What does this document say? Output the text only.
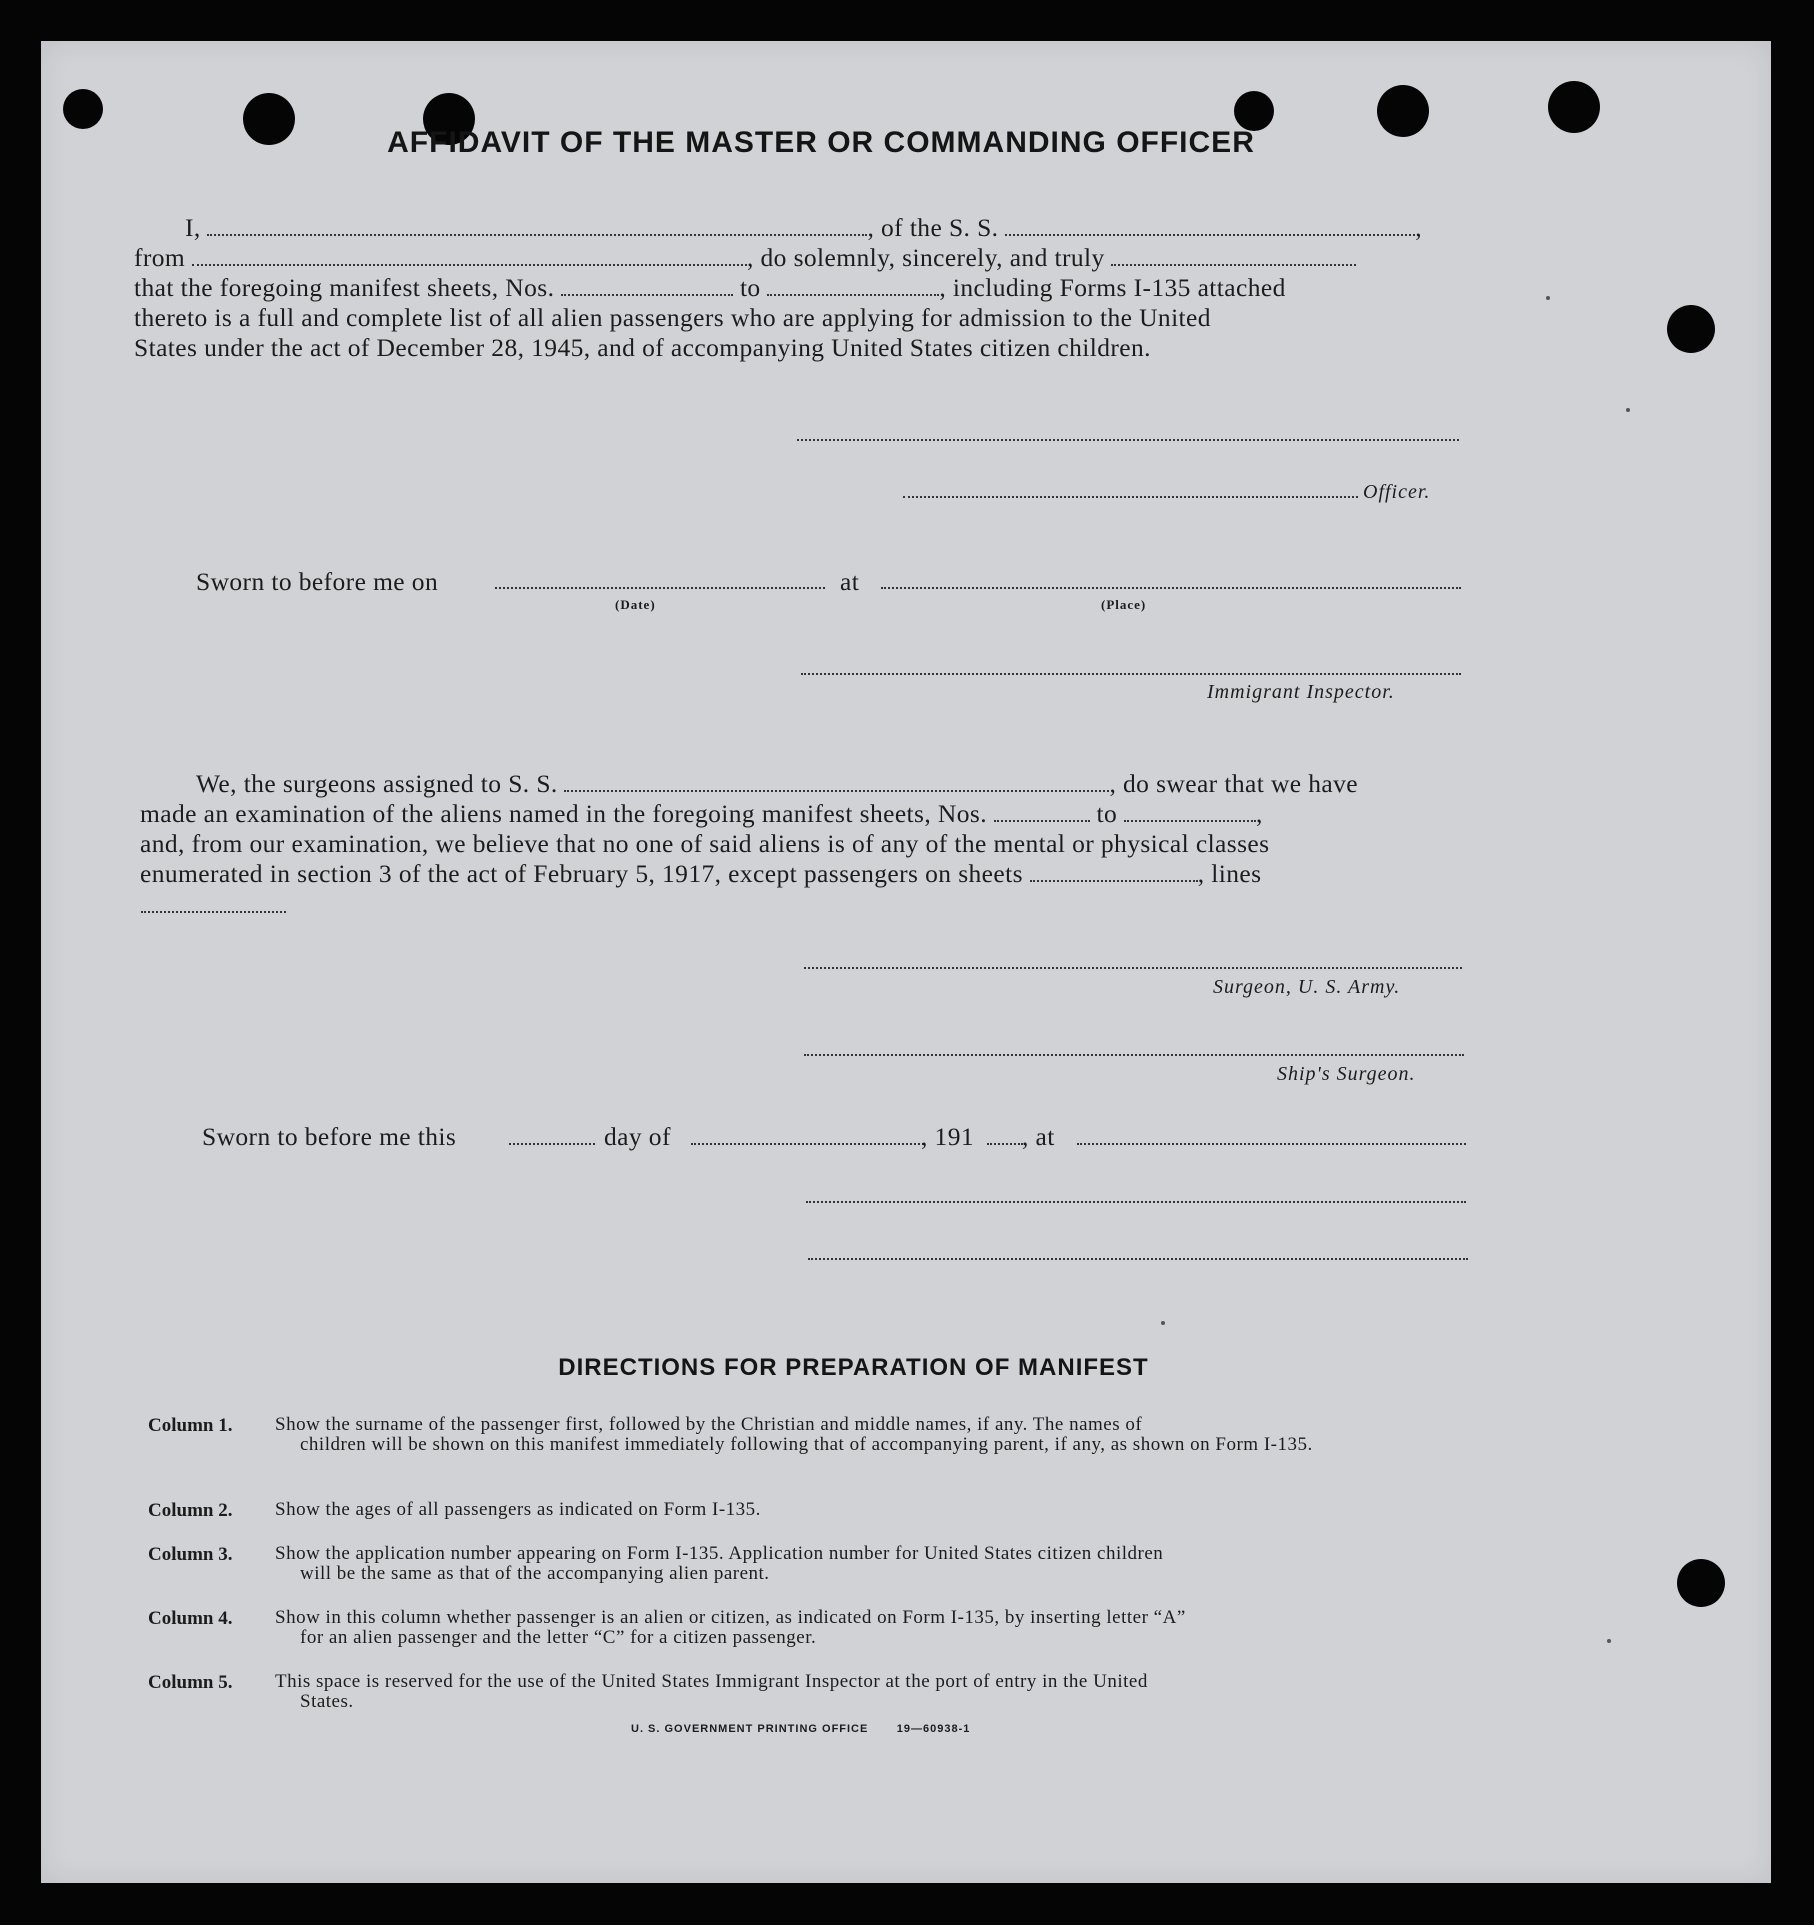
AFFIDAVIT OF THE MASTER OR COMMANDING OFFICER
I,	, of the S. S.	,
from	, do solemnly, sincerely, and truly
that the foregoing manifest sheets, Nos.	to	, including Forms I-135 attached
thereto is a full and complete list of all alien passengers who are applying for admission to the United
States under the act of December 28, 1945, and of accompanying United States citizen children.
Officer.
Sworn to before me on	at
(Date)	(Place)
Immigrant Inspector.
We, the surgeons assigned to S. S.	, do swear that we have
made an examination of the aliens named in the foregoing manifest sheets, Nos.	to	,
and, from our examination, we believe that no one of said aliens is of any of the mental or physical classes
enumerated in section 3 of the act of February 5, 1917, except passengers on sheets	, lines
Surgeon, U. S. Army.
Ship's Surgeon.
Sworn to before me this	day of	, 191 , at
DIRECTIONS FOR PREPARATION OF MANIFEST
Column 1. Show the surname of the passenger first, followed by the Christian and middle names, if any. The names of
children will be shown on this manifest immediately following that of accompanying parent, if any, as shown on Form I-135.
Column 2. Show the ages of all passengers as indicated on Form I-135.
Column 3. Show the application number appearing on Form I-135. Application number for United States citizen children
will be the same as that of the accompanying alien parent.
Column 4. Show in this column whether passenger is an alien or citizen, as indicated on Form I-135, by inserting letter “A”
for an alien passenger and the letter “C” for a citizen passenger.
Column 5. This space is reserved for the use of the United States Immigrant Inspector at the port of entry in the United
States.
U. S. GOVERNMENT PRINTING OFFICE	19—60938-1
